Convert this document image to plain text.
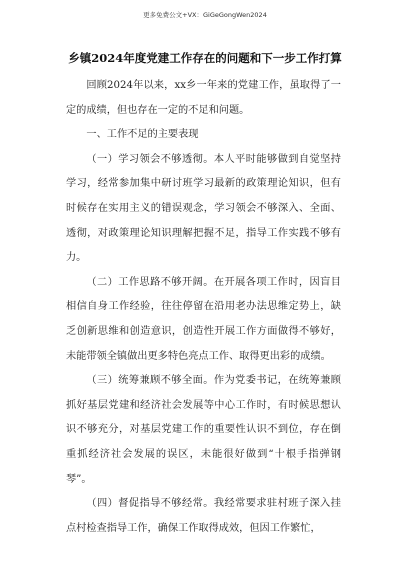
更多免费公文+VX：GiGeGongWen2024
乡镇2024年度党建工作存在的问题和下一步工作打算

回顾2024年以来，xx乡一年来的党建工作，虽取得了一定的成绩，但也存在一定的不足和问题。

一、工作不足的主要表现

（一）学习领会不够透彻。本人平时能够做到自觉坚持学习，经常参加集中研讨班学习最新的政策理论知识，但有时候存在实用主义的错误观念，学习领会不够深入、全面、透彻，对政策理论知识理解把握不足，指导工作实践不够有力。

（二）工作思路不够开阔。在开展各项工作时，因盲目相信自身工作经验，往往停留在沿用老办法思维定势上，缺乏创新思维和创造意识，创造性开展工作方面做得不够好，未能带领全镇做出更多特色亮点工作、取得更出彩的成绩。

（三）统筹兼顾不够全面。作为党委书记，在统筹兼顾抓好基层党建和经济社会发展等中心工作时，有时候思想认识不够充分，对基层党建工作的重要性认识不到位，存在倒重抓经济社会发展的误区，未能很好做到“十根手指弹钢琴”。

（四）督促指导不够经常。我经常要求驻村班子深入挂点村检查指导工作，确保工作取得成效，但因工作繁忙，
